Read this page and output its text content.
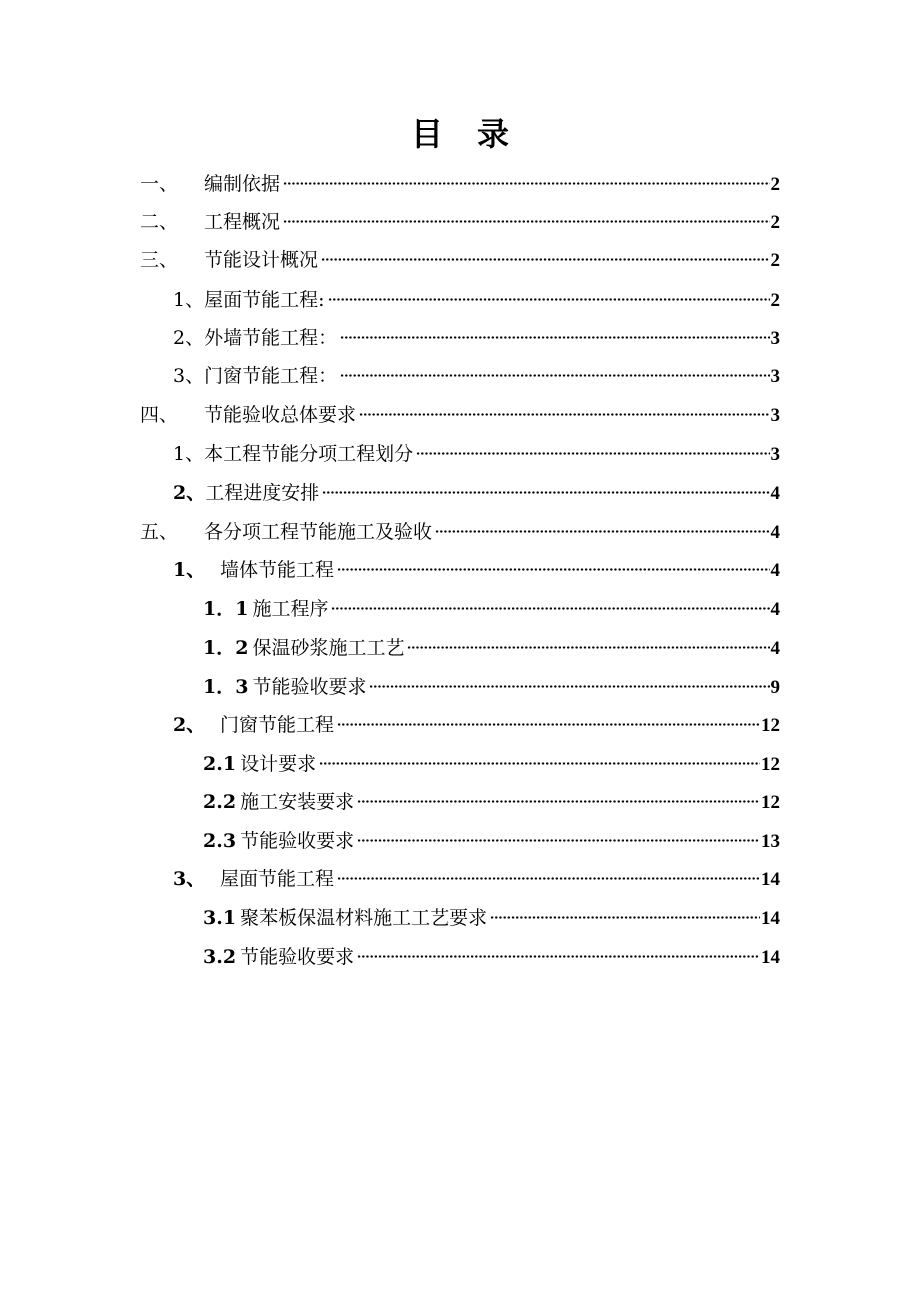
目录
一、	编制依据	2
二、	工程概况	2
三、	节能设计概况	2
1、 屋面节能工程:	2
2、 外墙节能工程：	3
3、 门窗节能工程：	3
四、	节能验收总体要求	3
1、 本工程节能分项工程划分	3
2、 工程进度安排	4
五、	各分项工程节能施工及验收	4
1、 墙体节能工程	4
1．1 施工程序	4
1．2 保温砂浆施工工艺	4
1．3 节能验收要求	9
2、 门窗节能工程	12
2.1 设计要求	12
2.2 施工安装要求	12
2.3 节能验收要求	13
3、 屋面节能工程	14
3.1 聚苯板保温材料施工工艺要求	14
3.2 节能验收要求	14
